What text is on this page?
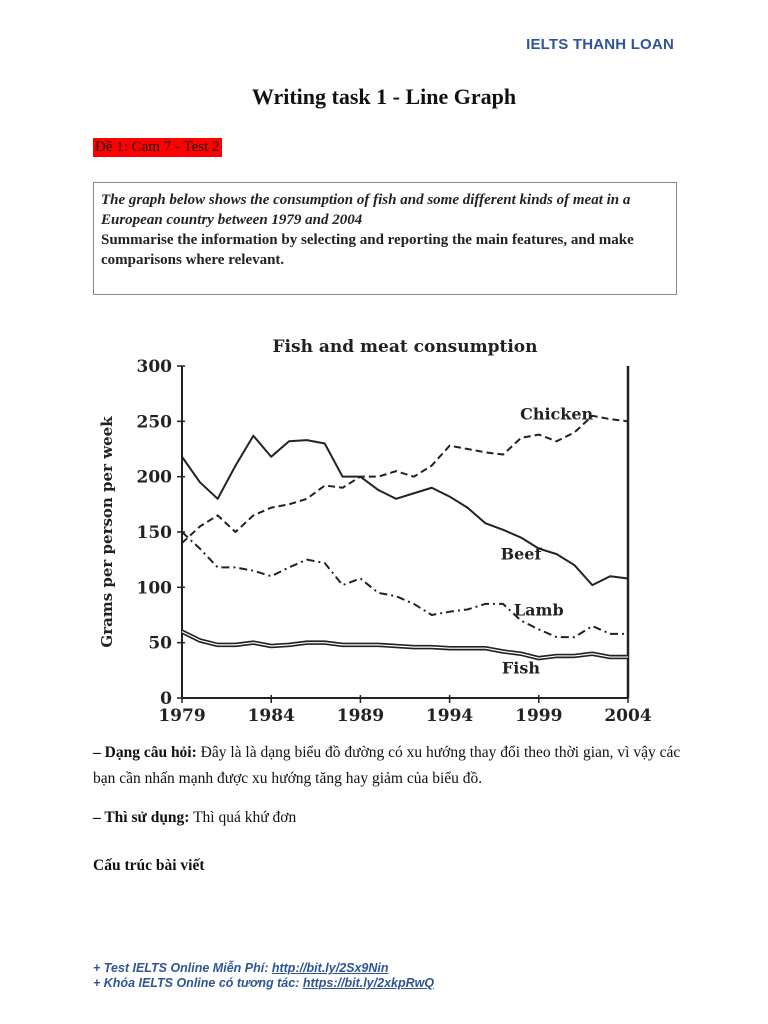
IELTS THANH LOAN
Writing task 1 - Line Graph
Đề 1: Cam 7 - Test 2
The graph below shows the consumption of fish and some different kinds of meat in a European country between 1979 and 2004
Summarise the information by selecting and reporting the main features, and make comparisons where relevant.
Fish and meat consumption
Grams per person per week
0
50
100
150
200
250
300
1979 1984 1989 1994 1999 2004
Chicken
Beef
Lamb
Fish
– Dạng câu hỏi: Đây là là dạng biểu đồ đường có xu hướng thay đổi theo thời gian, vì vậy các bạn cần nhấn mạnh được xu hướng tăng hay giảm của biểu đồ.
– Thì sử dụng: Thì quá khứ đơn
Cấu trúc bài viết
+ Test IELTS Online Miễn Phí: http://bit.ly/2Sx9Nin
+ Khóa IELTS Online có tương tác: https://bit.ly/2xkpRwQ
